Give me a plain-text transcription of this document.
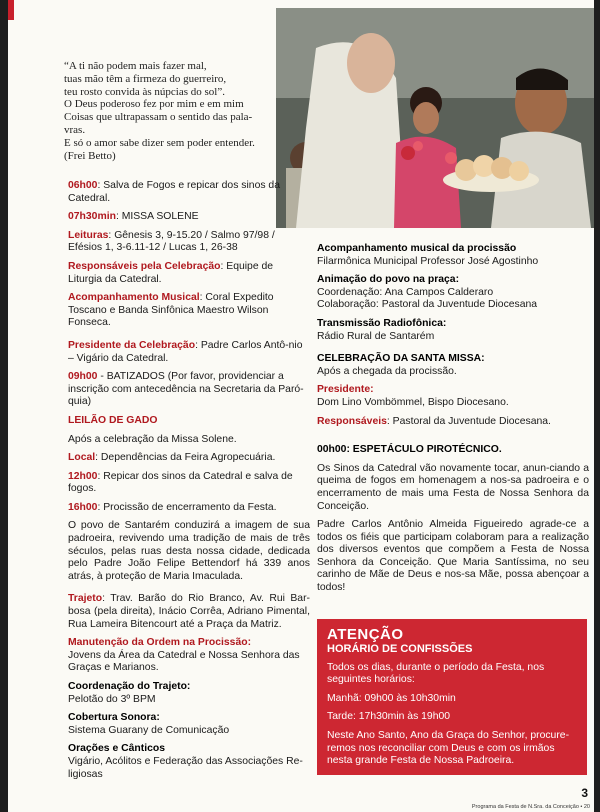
“A ti não podem mais fazer mal,

tuas mão têm a firmeza do guerreiro,

teu rosto convida às núpcias do sol”.

O Deus poderoso fez por mim e em mim

Coisas que ultrapassam o sentido das pala-

vras.

E só o amor sabe dizer sem poder entender.

(Frei Betto)

06h00: Salva de Fogos e repicar dos sinos da Catedral.

07h30min: MISSA SOLENE

Leituras: Gênesis 3, 9-15.20 / Salmo 97/98 / Efésios 1, 3-6.11-12 / Lucas 1, 26-38

Responsáveis pela Celebração: Equipe de Liturgia da Catedral.

Acompanhamento Musical: Coral Expedito Toscano e Banda Sinfônica Maestro Wilson Fonseca.

Presidente da Celebração: Padre Carlos Antô-nio – Vigário da Catedral.

09h00 - BATIZADOS (Por favor, providenciar a inscrição com antecedência na Secretaria da Paró-quia)

LEILÃO DE GADO

Após a celebração da Missa Solene.

Local: Dependências da Feira Agropecuária.

12h00: Repicar dos sinos da Catedral e salva de fogos.

16h00: Procissão de encerramento da Festa.

O povo de Santarém conduzirá a imagem de sua padroeira, revivendo uma tradição de mais de três séculos, pelas ruas desta nossa cidade, dedicada pelo Padre João Felipe Bettendorf há 339 anos atrás, à proteção de Maria Imaculada.

Trajeto: Trav. Barão do Rio Branco, Av. Rui Bar-bosa (pela direita), Inácio Corrêa, Adriano Pimental, Rua Lameira Bitencourt até a Praça da Matriz.

Manutenção da Ordem na Procissão:

Jovens da Área da Catedral e Nossa Senhora das Graças e Marianos.

Coordenação do Trajeto:

Pelotão do 3º BPM

Cobertura Sonora:

Sistema Guarany de Comunicação

Orações e Cânticos

Vigário, Acólitos e Federação das Associações Re-ligiosas

Acompanhamento musical da procissão

Filarmônica Municipal Professor José Agostinho

Animação do povo na praça:

Coordenação: Ana Campos Calderaro

Colaboração: Pastoral da Juventude Diocesana

Transmissão Radiofônica:

Rádio Rural de Santarém

CELEBRAÇÃO DA SANTA MISSA:

Após a chegada da procissão.

Presidente:

Dom Lino Vombömmel, Bispo Diocesano.

Responsáveis: Pastoral da Juventude Diocesana.

00h00: ESPETÁCULO PIROTÉCNICO.

Os Sinos da Catedral vão novamente tocar, anun-ciando a queima de fogos em homenagem a nos-sa padroeira e o encerramento de mais uma Festa de Nossa Senhora da Conceição.

Padre Carlos Antônio Almeida Figueiredo agrade-ce a todos os fiéis que participam colaboram para a realização dos diversos eventos que compõem a Festa de Nossa Senhora da Conceição. Que Maria Santíssima, no seu carinho de Mãe de Deus e nos-sa Mãe, possa abençoar a todos!

ATENÇÃO

HORÁRIO DE CONFISSÕES

Todos os dias, durante o período da Festa, nos seguintes horários:

Manhã: 09h00 às 10h30min

Tarde: 17h30min às 19h00

Neste Ano Santo, Ano da Graça do Senhor, procure-remos nos reconciliar com Deus e com os irmãos nesta grande Festa de Nossa Padroeira.

3
Programa da Festa de N.Sra. da Conceição • 20
